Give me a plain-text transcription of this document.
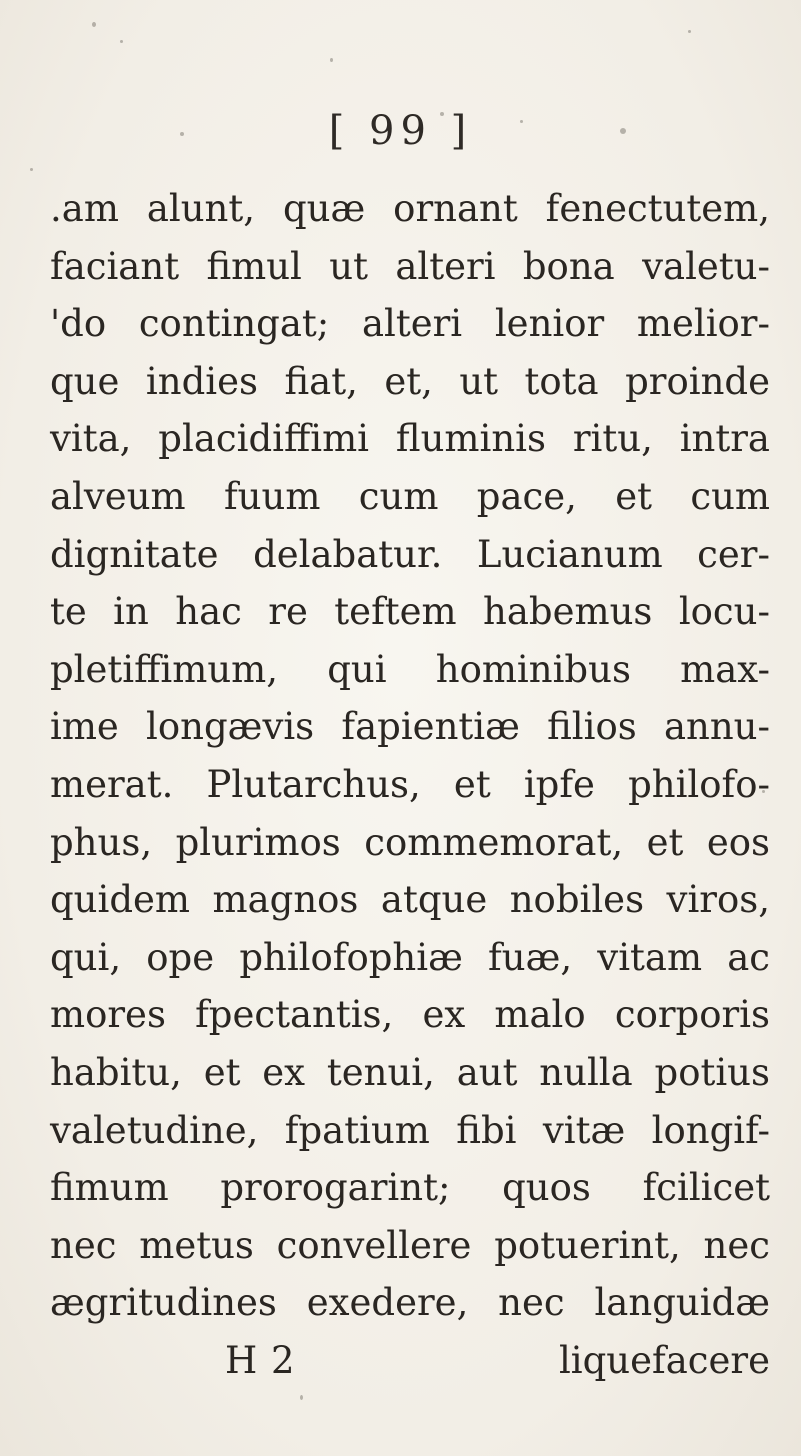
[ 99 ]
.am alunt, quæ ornant fenectutem,
faciant fimul ut alteri bona valetu-
'do contingat; alteri lenior melior-
que indies fiat, et, ut tota proinde
vita, placidiffimi fluminis ritu, intra
alveum fuum cum pace, et cum
dignitate delabatur. Lucianum cer-
te in hac re teftem habemus locu-
pletiffimum, qui hominibus max-
ime longævis fapientiæ filios annu-
merat. Plutarchus, et ipfe philofo-
phus, plurimos commemorat, et eos
quidem magnos atque nobiles viros,
qui, ope philofophiæ fuæ, vitam ac
mores fpectantis, ex malo corporis
habitu, et ex tenui, aut nulla potius
valetudine, fpatium fibi vitæ longif-
fimum prorogarint; quos fcilicet
nec metus convellere potuerint, nec
ægritudines exedere, nec languidæ
H 2	liquefacere
